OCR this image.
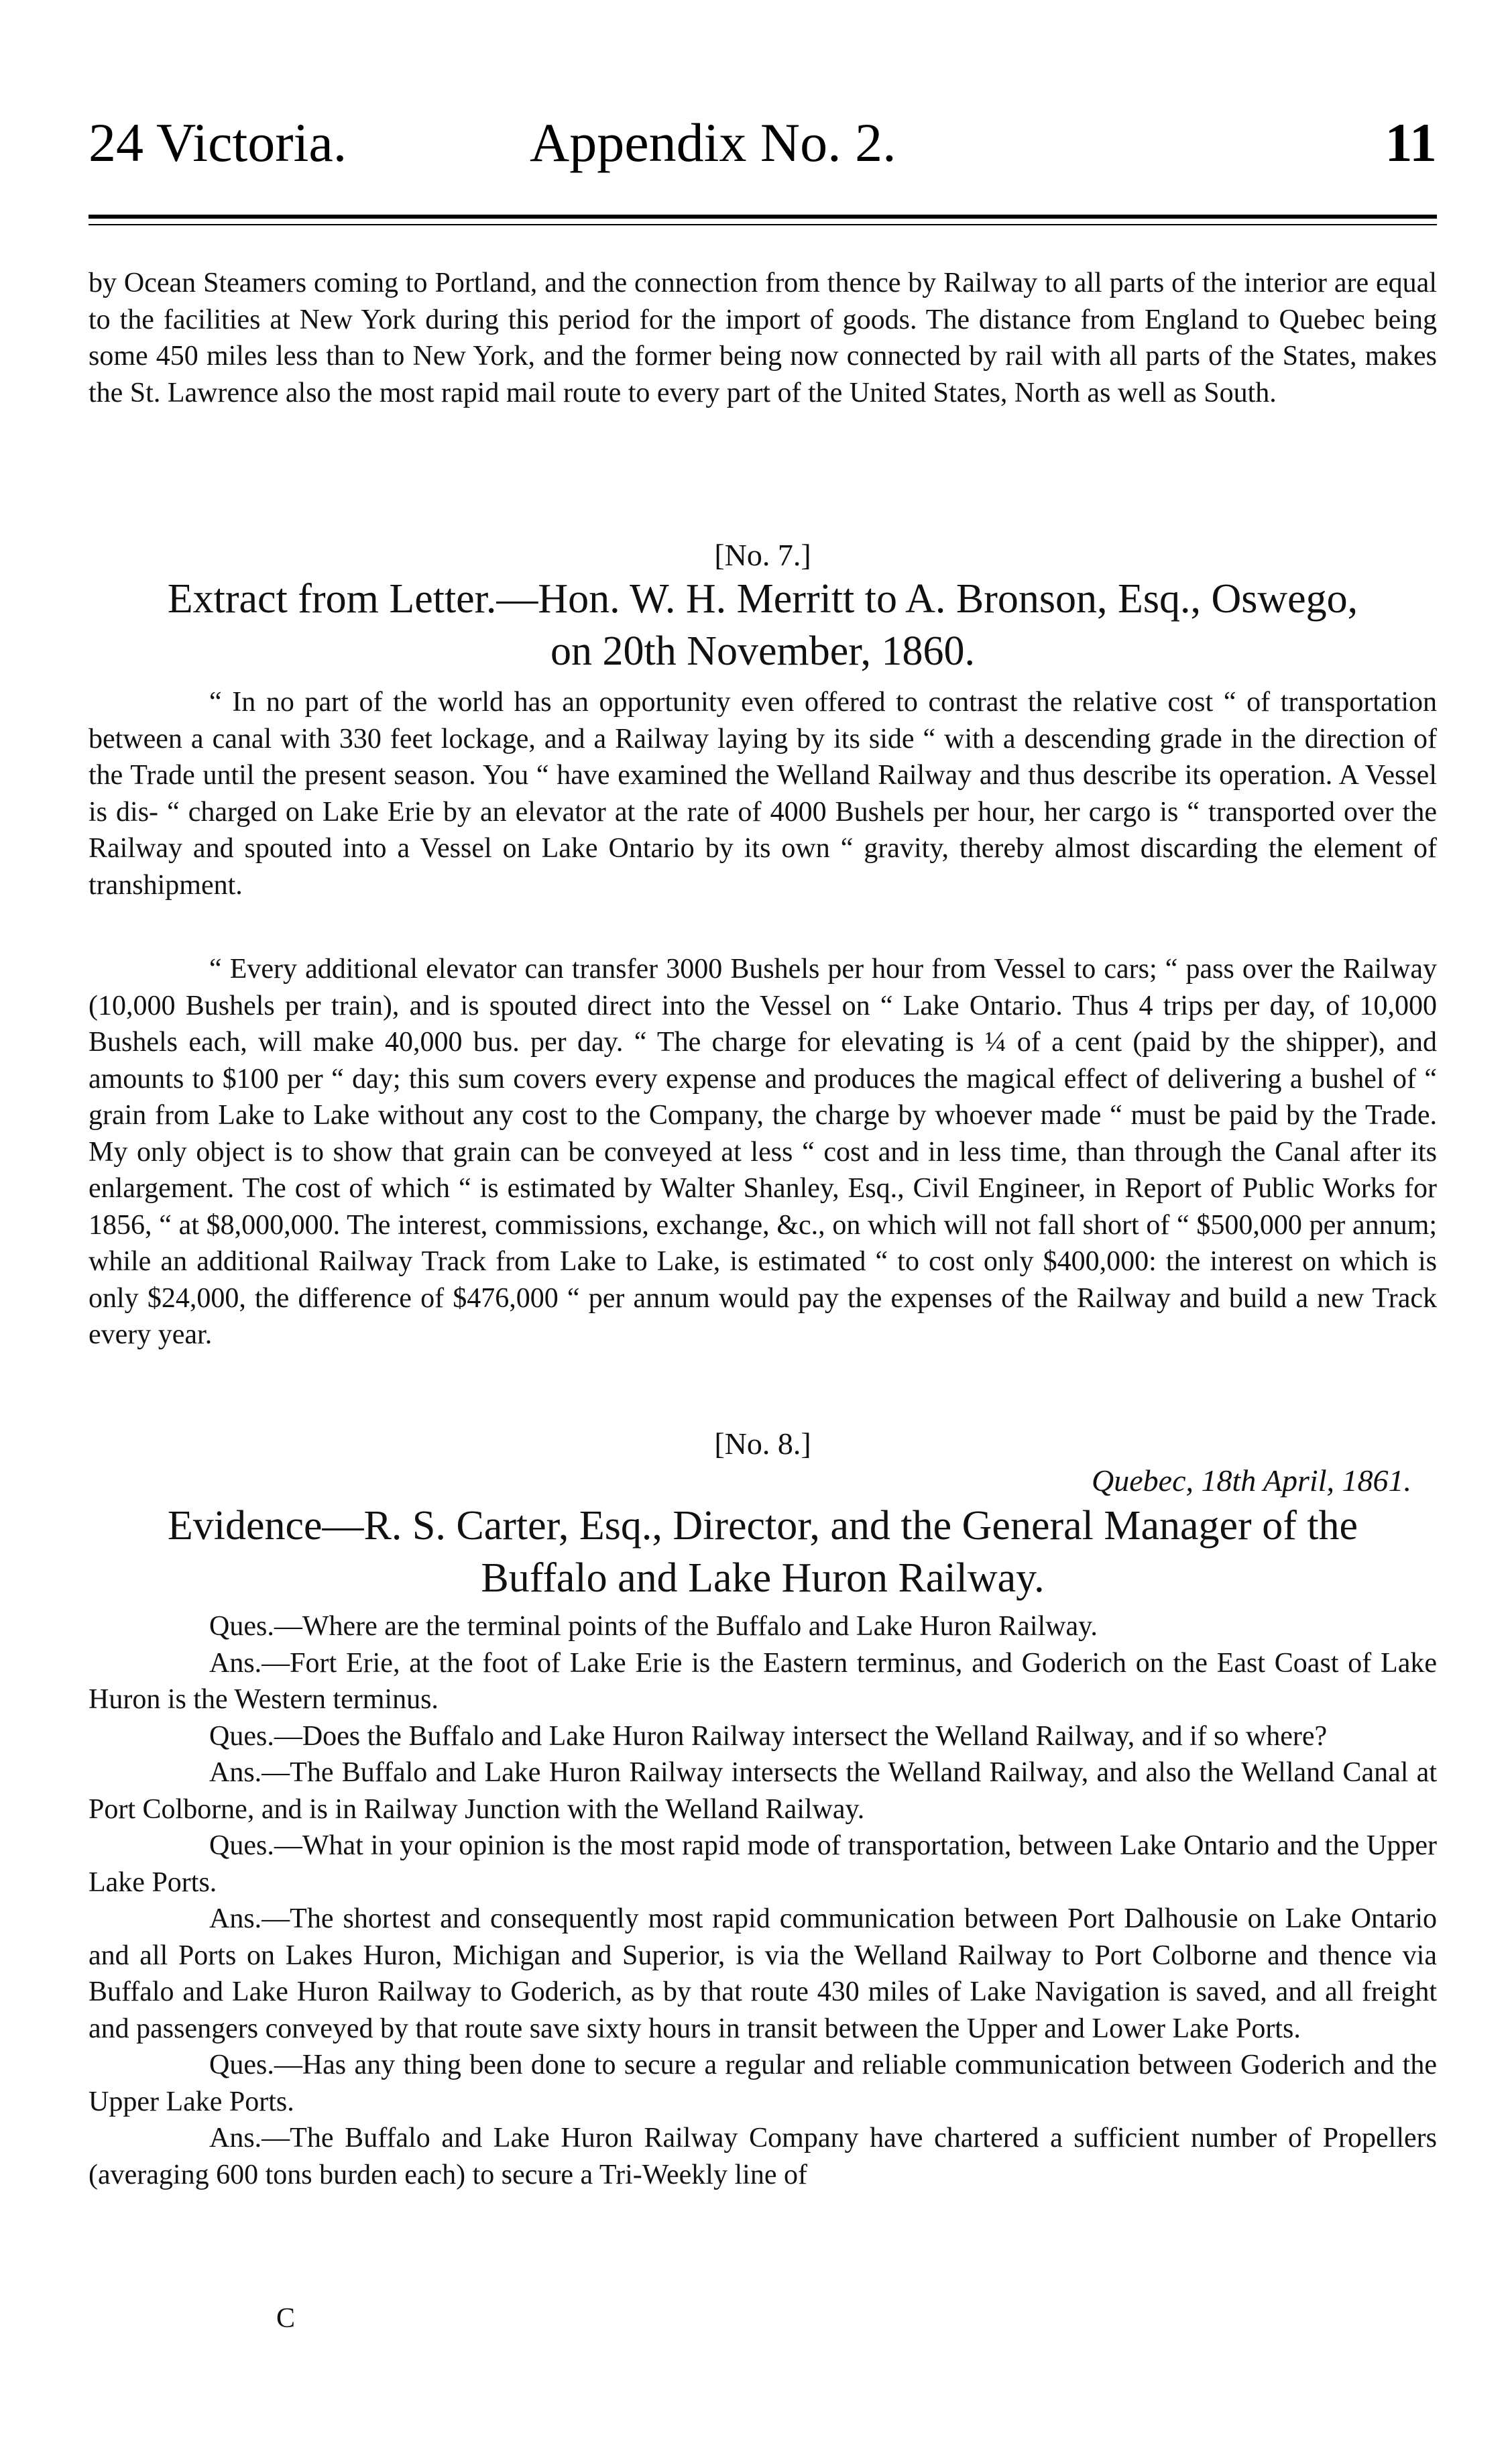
24 Victoria.	Appendix No. 2.	11
by Ocean Steamers coming to Portland, and the connection from thence by Railway to all parts of the interior are equal to the facilities at New York during this period for the import of goods. The distance from England to Quebec being some 450 miles less than to New York, and the former being now connected by rail with all parts of the States, makes the St. Lawrence also the most rapid mail route to every part of the United States, North as well as South.
[No. 7.]
Extract from Letter.—Hon. W. H. Merritt to A. Bronson, Esq., Oswego,
on 20th November, 1860.
“ In no part of the world has an opportunity even offered to contrast the relative cost “ of transportation between a canal with 330 feet lockage, and a Railway laying by its side “ with a descending grade in the direction of the Trade until the present season. You “ have examined the Welland Railway and thus describe its operation. A Vessel is dis- “ charged on Lake Erie by an elevator at the rate of 4000 Bushels per hour, her cargo is “ transported over the Railway and spouted into a Vessel on Lake Ontario by its own “ gravity, thereby almost discarding the element of transhipment.
“ Every additional elevator can transfer 3000 Bushels per hour from Vessel to cars; “ pass over the Railway (10,000 Bushels per train), and is spouted direct into the Vessel on “ Lake Ontario. Thus 4 trips per day, of 10,000 Bushels each, will make 40,000 bus. per day. “ The charge for elevating is ¼ of a cent (paid by the shipper), and amounts to $100 per “ day; this sum covers every expense and produces the magical effect of delivering a bushel of “ grain from Lake to Lake without any cost to the Company, the charge by whoever made “ must be paid by the Trade. My only object is to show that grain can be conveyed at less “ cost and in less time, than through the Canal after its enlargement. The cost of which “ is estimated by Walter Shanley, Esq., Civil Engineer, in Report of Public Works for 1856, “ at $8,000,000. The interest, commissions, exchange, &c., on which will not fall short of “ $500,000 per annum; while an additional Railway Track from Lake to Lake, is estimated “ to cost only $400,000: the interest on which is only $24,000, the difference of $476,000 “ per annum would pay the expenses of the Railway and build a new Track every year.
[No. 8.]
Quebec, 18th April, 1861.
Evidence—R. S. Carter, Esq., Director, and the General Manager of the
Buffalo and Lake Huron Railway.

Ques.—Where are the terminal points of the Buffalo and Lake Huron Railway.

Ans.—Fort Erie, at the foot of Lake Erie is the Eastern terminus, and Goderich on the East Coast of Lake Huron is the Western terminus.

Ques.—Does the Buffalo and Lake Huron Railway intersect the Welland Railway, and if so where?

Ans.—The Buffalo and Lake Huron Railway intersects the Welland Railway, and also the Welland Canal at Port Colborne, and is in Railway Junction with the Welland Railway.

Ques.—What in your opinion is the most rapid mode of transportation, between Lake Ontario and the Upper Lake Ports.

Ans.—The shortest and consequently most rapid communication between Port Dalhousie on Lake Ontario and all Ports on Lakes Huron, Michigan and Superior, is via the Welland Railway to Port Colborne and thence via Buffalo and Lake Huron Railway to Goderich, as by that route 430 miles of Lake Navigation is saved, and all freight and passengers conveyed by that route save sixty hours in transit between the Upper and Lower Lake Ports.

Ques.—Has any thing been done to secure a regular and reliable communication between Goderich and the Upper Lake Ports.

Ans.—The Buffalo and Lake Huron Railway Company have chartered a sufficient number of Propellers (averaging 600 tons burden each) to secure a Tri-Weekly line of

C
